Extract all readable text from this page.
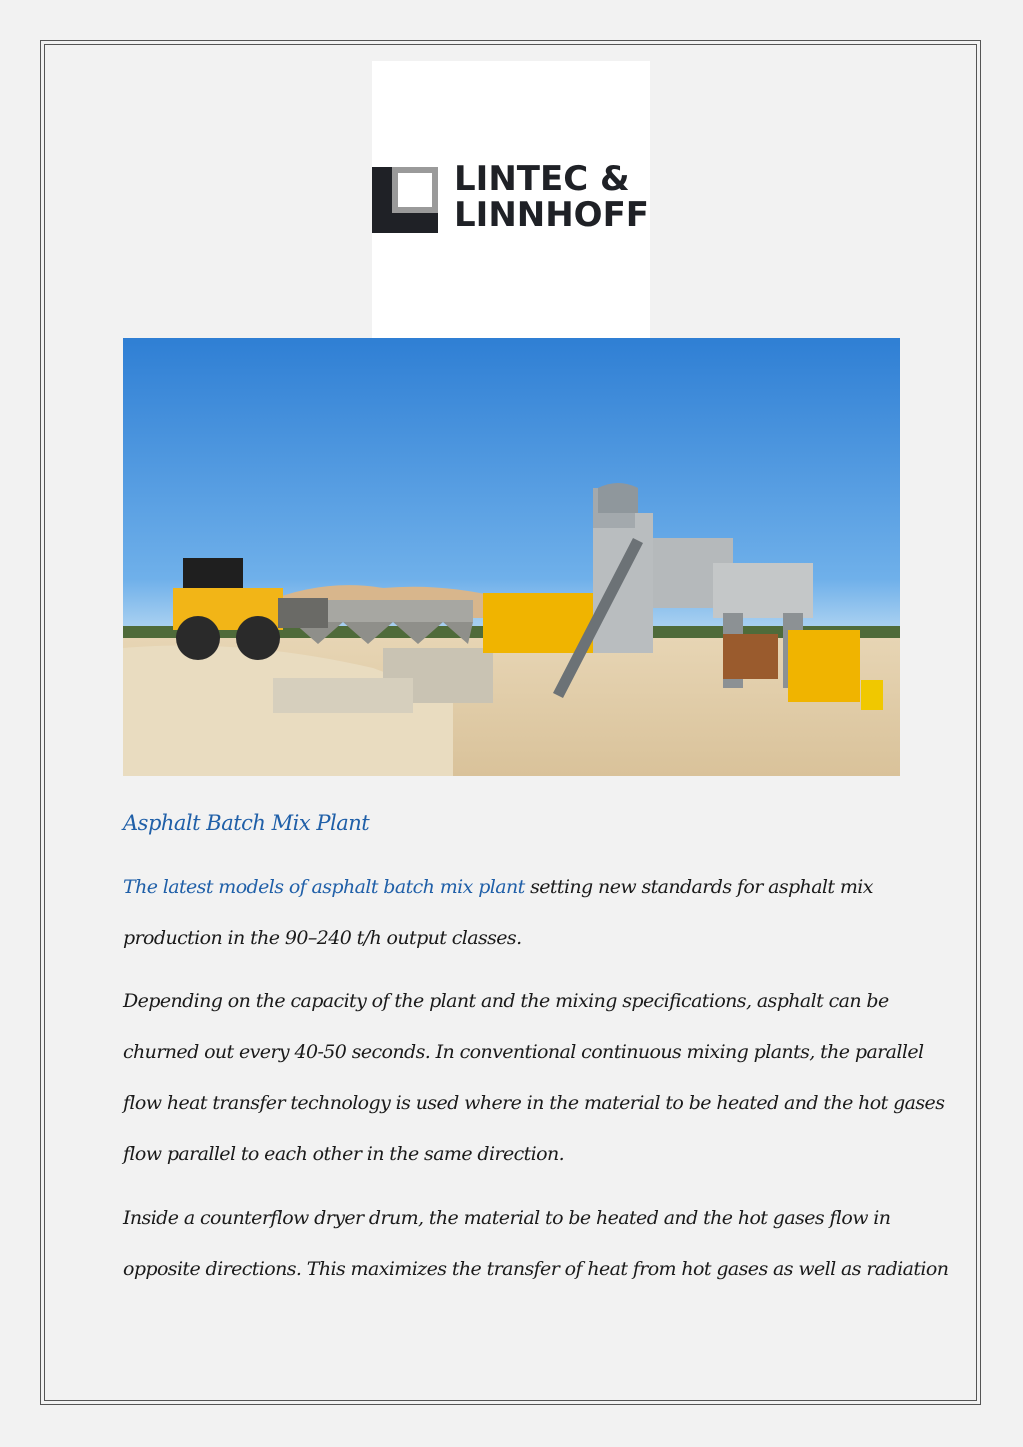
LINTEC &
LINNHOFF
Asphalt Batch Mix Plant
The latest models of asphalt batch mix plant setting new standards for asphalt mix
production in the 90–240 t/h output classes.
Depending on the capacity of the plant and the mixing specifications, asphalt can be
churned out every 40-50 seconds. In conventional continuous mixing plants, the parallel
flow heat transfer technology is used where in the material to be heated and the hot gases
flow parallel to each other in the same direction.
Inside a counterflow dryer drum, the material to be heated and the hot gases flow in
opposite directions. This maximizes the transfer of heat from hot gases as well as radiation
